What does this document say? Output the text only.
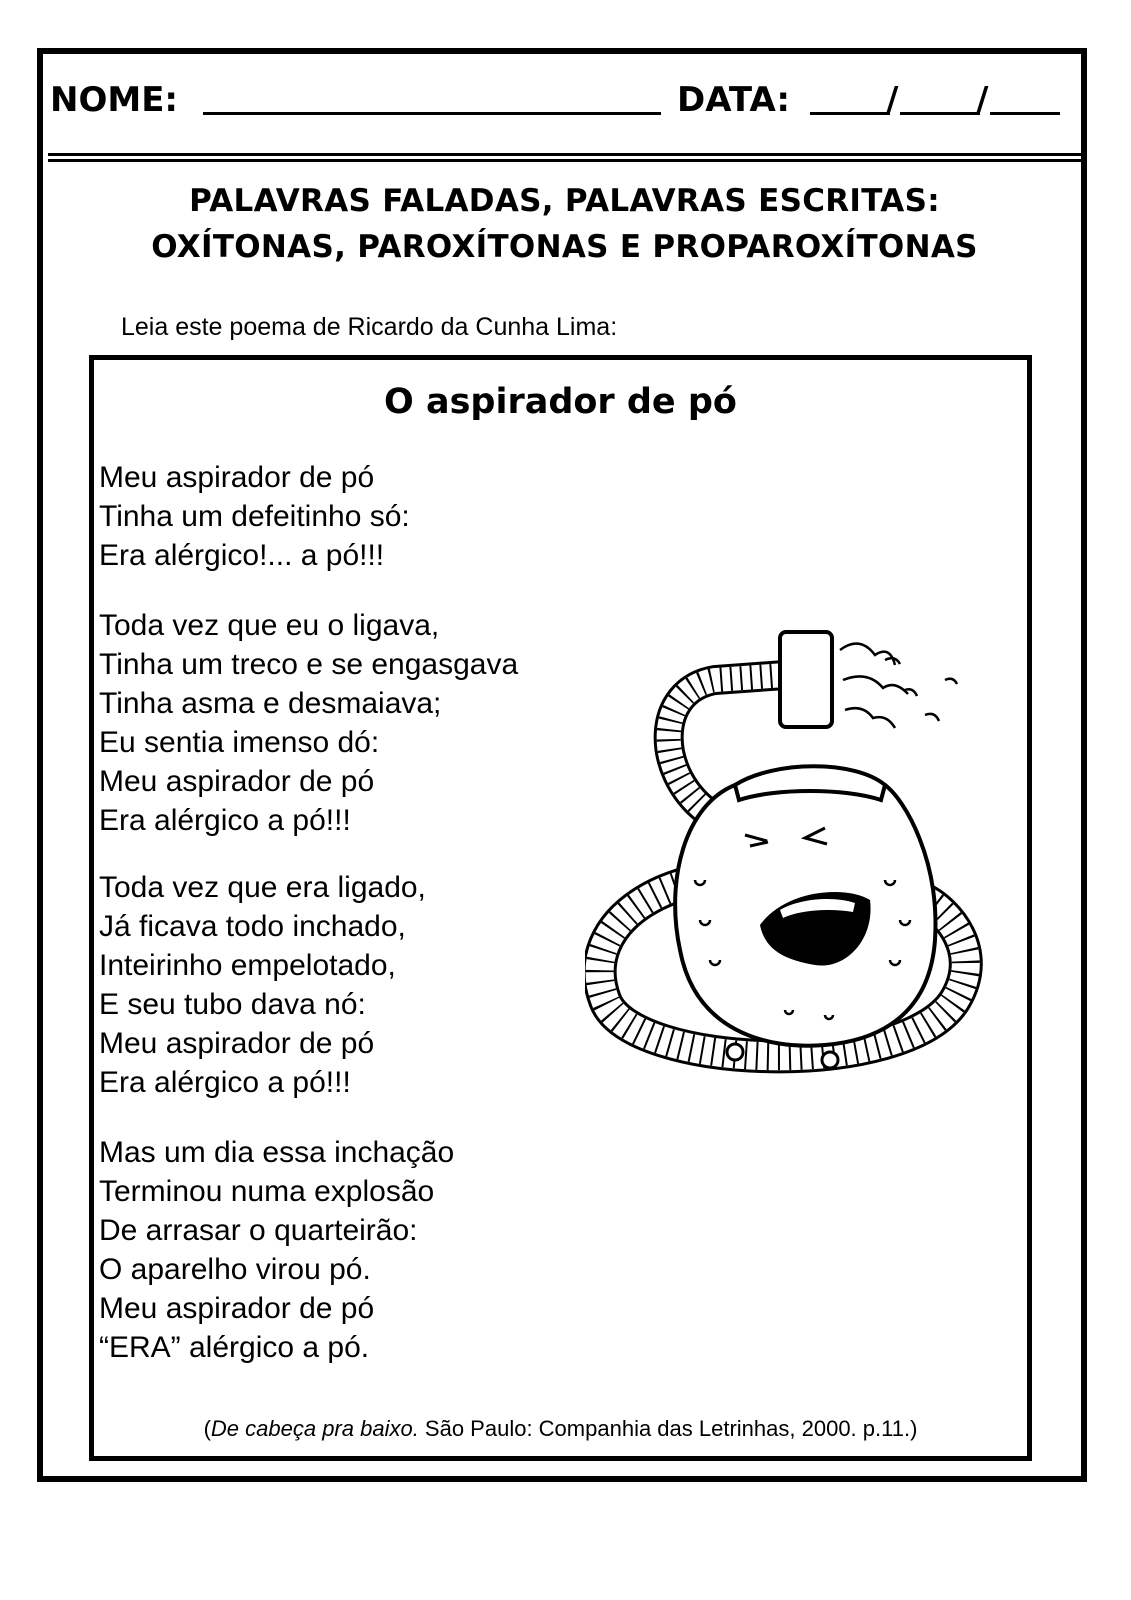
NOME:	DATA:	/ /
PALAVRAS FALADAS, PALAVRAS ESCRITAS:
OXÍTONAS, PAROXÍTONAS E PROPAROXÍTONAS
Leia este poema de Ricardo da Cunha Lima:
O aspirador de pó
Meu aspirador de pó
Tinha um defeitinho só:
Era alérgico!... a pó!!!
Toda vez que eu o ligava,
Tinha um treco e se engasgava
Tinha asma e desmaiava;
Eu sentia imenso dó:
Meu aspirador de pó
Era alérgico a pó!!!
Toda vez que era ligado,
Já ficava todo inchado,
Inteirinho empelotado,
E seu tubo dava nó:
Meu aspirador de pó
Era alérgico a pó!!!
Mas um dia essa inchação
Terminou numa explosão
De arrasar o quarteirão:
O aparelho virou pó.
Meu aspirador de pó
“ERA” alérgico a pó.
(De cabeça pra baixo. São Paulo: Companhia das Letrinhas, 2000. p.11.)
